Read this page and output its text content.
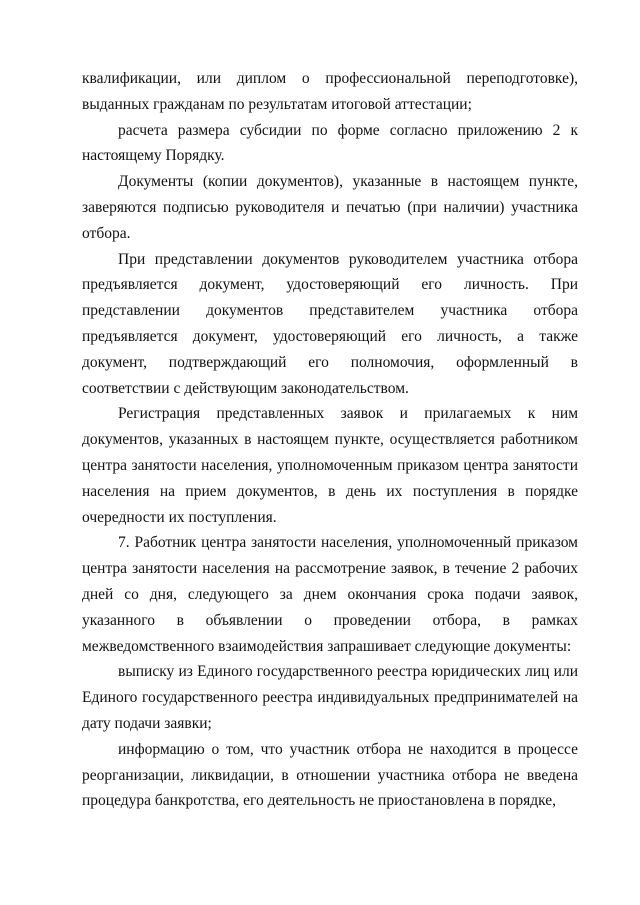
квалификации, или диплом о профессиональной переподготовке), выданных гражданам по результатам итоговой аттестации;

расчета размера субсидии по форме согласно приложению 2 к настоящему Порядку.

Документы (копии документов), указанные в настоящем пункте, заверяются подписью руководителя и печатью (при наличии) участника отбора.

При представлении документов руководителем участника отбора предъявляется документ, удостоверяющий его личность. При представлении документов представителем участника отбора предъявляется документ, удостоверяющий его личность, а также документ, подтверждающий его полномочия, оформленный в соответствии с действующим законодательством.

Регистрация представленных заявок и прилагаемых к ним документов, указанных в настоящем пункте, осуществляется работником центра занятости населения, уполномоченным приказом центра занятости населения на прием документов, в день их поступления в порядке очередности их поступления.

7. Работник центра занятости населения, уполномоченный приказом центра занятости населения на рассмотрение заявок, в течение 2 рабочих дней со дня, следующего за днем окончания срока подачи заявок, указанного в объявлении о проведении отбора, в рамках межведомственного взаимодействия запрашивает следующие документы:

выписку из Единого государственного реестра юридических лиц или Единого государственного реестра индивидуальных предпринимателей на дату подачи заявки;

информацию о том, что участник отбора не находится в процессе реорганизации, ликвидации, в отношении участника отбора не введена процедура банкротства, его деятельность не приостановлена в порядке,
